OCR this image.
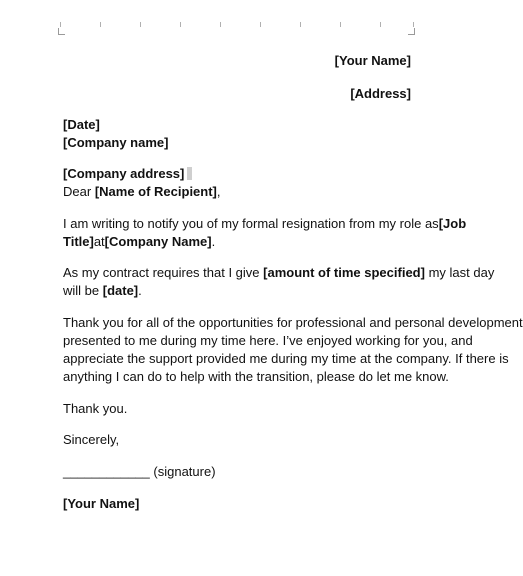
[Your Name]
[Address]
[Date]
[Company name]
[Company address]
Dear [Name of Recipient],
I am writing to notify you of my formal resignation from my role as[Job
Title]at[Company Name].
As my contract requires that I give [amount of time specified] my last day
will be [date].
Thank you for all of the opportunities for professional and personal development
presented to me during my time here. I’ve enjoyed working for you, and
appreciate the support provided me during my time at the company. If there is
anything I can do to help with the transition, please do let me know.
Thank you.
Sincerely,
____________ (signature)
[Your Name]
